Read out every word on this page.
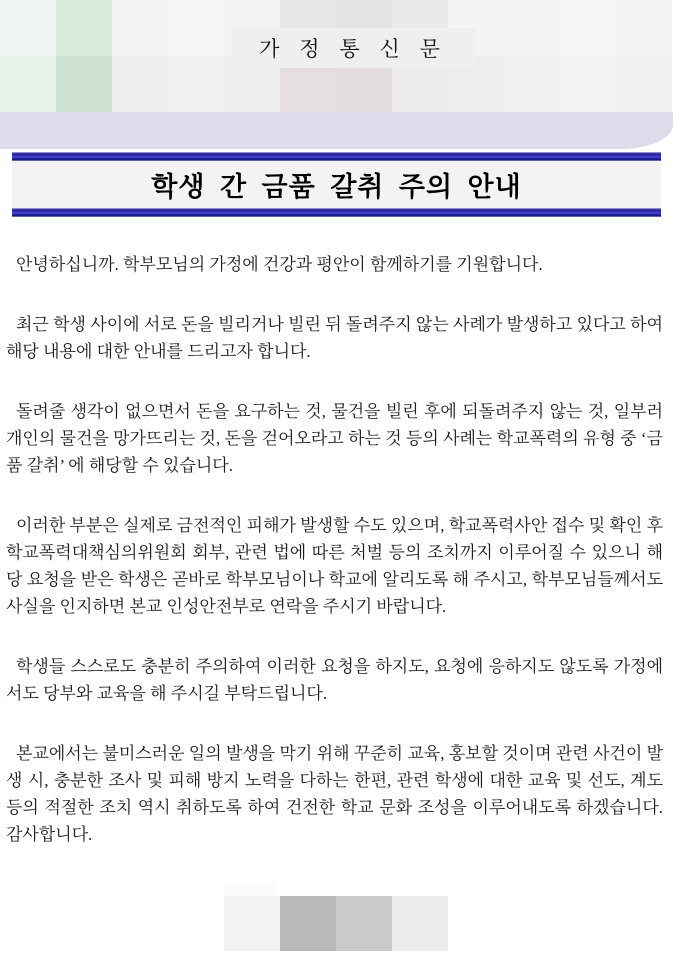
가 정 통 신 문
학생 간 금품 갈취 주의 안내

안녕하십니까. 학부모님의 가정에 건강과 평안이 함께하기를 기원합니다.

최근 학생 사이에 서로 돈을 빌리거나 빌린 뒤 돌려주지 않는 사례가 발생하고 있다고 하여 해당 내용에 대한 안내를 드리고자 합니다.

돌려줄 생각이 없으면서 돈을 요구하는 것, 물건을 빌린 후에 되돌려주지 않는 것, 일부러 개인의 물건을 망가뜨리는 것, 돈을 걷어오라고 하는 것 등의 사례는 학교폭력의 유형 중 ‘금품 갈취’ 에 해당할 수 있습니다.

이러한 부분은 실제로 금전적인 피해가 발생할 수도 있으며, 학교폭력사안 접수 및 확인 후 학교폭력대책심의위원회 회부, 관련 법에 따른 처벌 등의 조치까지 이루어질 수 있으니 해당 요청을 받은 학생은 곧바로 학부모님이나 학교에 알리도록 해 주시고, 학부모님들께서도 사실을 인지하면 본교 인성안전부로 연락을 주시기 바랍니다.

학생들 스스로도 충분히 주의하여 이러한 요청을 하지도, 요청에 응하지도 않도록 가정에서도 당부와 교육을 해 주시길 부탁드립니다.

본교에서는 불미스러운 일의 발생을 막기 위해 꾸준히 교육, 홍보할 것이며 관련 사건이 발생 시, 충분한 조사 및 피해 방지 노력을 다하는 한편, 관련 학생에 대한 교육 및 선도, 계도 등의 적절한 조치 역시 취하도록 하여 건전한 학교 문화 조성을 이루어내도록 하겠습니다. 감사합니다.
